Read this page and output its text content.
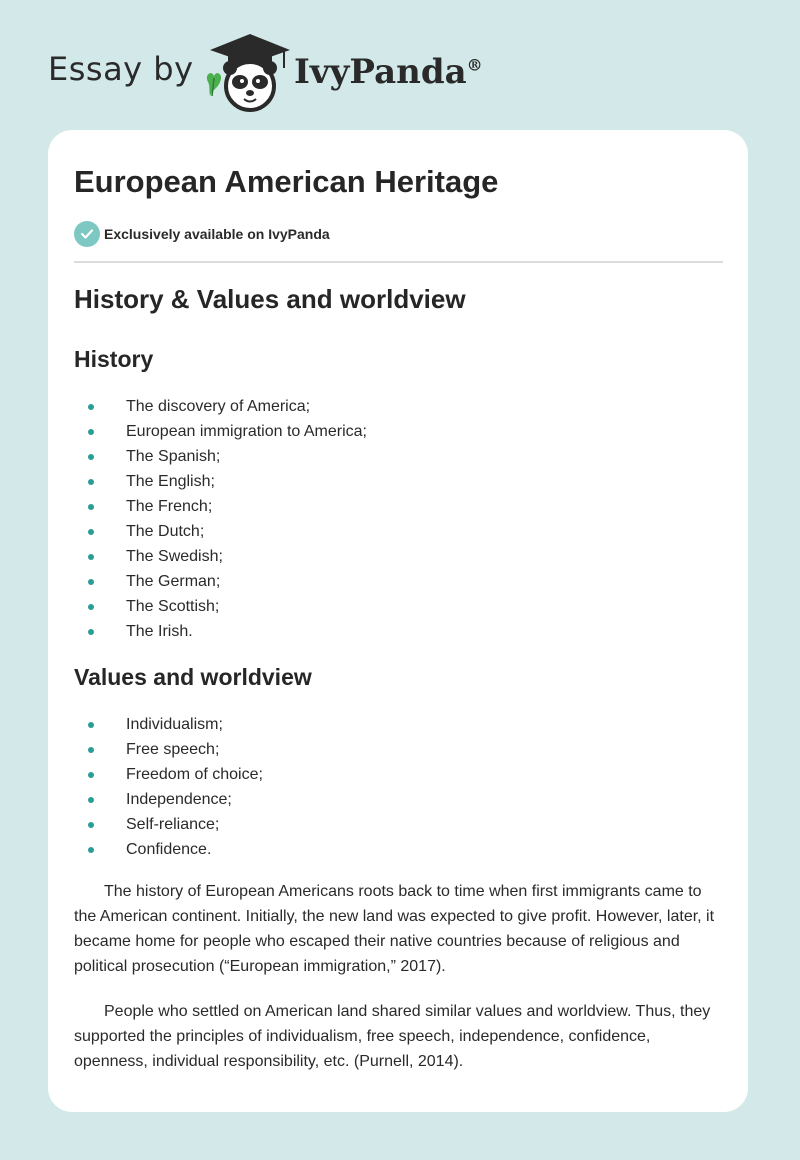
Essay by	IvyPanda®
European American Heritage
Exclusively available on IvyPanda
History & Values and worldview
History
The discovery of America;
European immigration to America;
The Spanish;
The English;
The French;
The Dutch;
The Swedish;
The German;
The Scottish;
The Irish.
Values and worldview
Individualism;
Free speech;
Freedom of choice;
Independence;
Self-reliance;
Confidence.

The history of European Americans roots back to time when first immigrants came to the American continent. Initially, the new land was expected to give profit. However, later, it became home for people who escaped their native countries because of religious and political prosecution (“European immigration,” 2017).

People who settled on American land shared similar values and worldview. Thus, they supported the principles of individualism, free speech, independence, confidence, openness, individual responsibility, etc. (Purnell, 2014).
